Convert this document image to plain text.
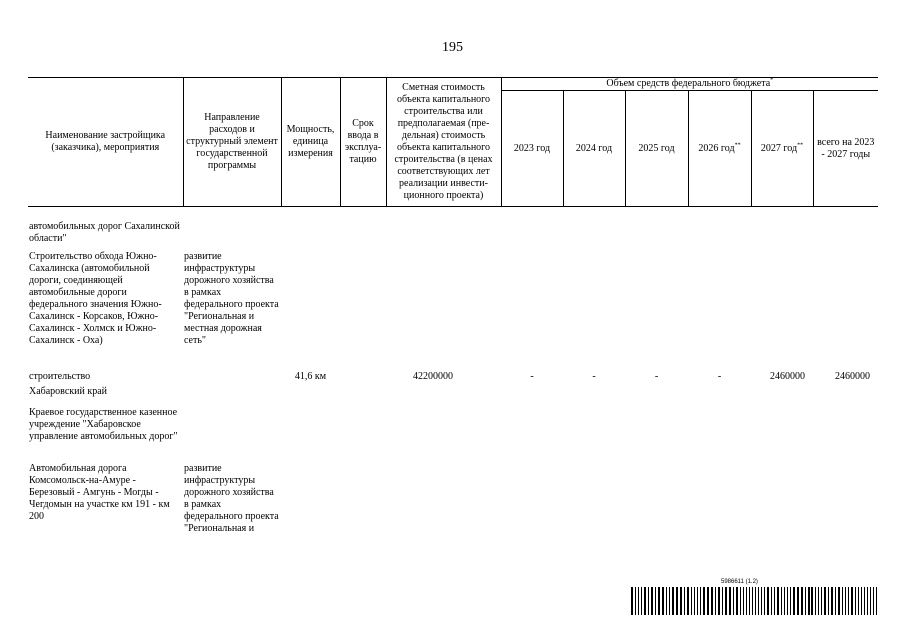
195
Наименование застройщика (заказчика), мероприятия	Направление расходов и структурный элемент государственной программы	Мощность, единица измерения	Срок ввода в эксплуа-тацию	Сметная стоимость объекта капитального строительства или предполагаемая (пре-дельная) стоимость объекта капитального строительства (в ценах соответствующих лет реализации инвести-ционного проекта)	Объем средств федерального бюджета*
					2023 год	2024 год	2025 год	2026 год**	2027 год**	всего на 2023 - 2027 годы
автомобильных дорог Сахалинской области"										
Строительство обхода Южно-Сахалинска (автомобильной дороги, соединяющей автомобильные дороги федерального значения Южно-Сахалинск - Корсаков, Южно-Сахалинск - Холмск и Южно-Сахалинск - Оха)	развитие инфраструктуры дорожного хозяйства в рамках федерального проекта "Региональная и местная дорожная сеть"									
строительство		41,6 км		42200000	-	-	-	-	2460000	2460000
Хабаровский край										
Краевое государственное казенное учреждение "Хабаровское управление автомобильных дорог"										
Автомобильная дорога Комсомольск-на-Амуре - Березовый - Амгунь - Могды - Чегдомын на участке км 191 - км 200	развитие инфраструктуры дорожного хозяйства в рамках федерального проекта "Региональная и									
5986611 (1.2)
